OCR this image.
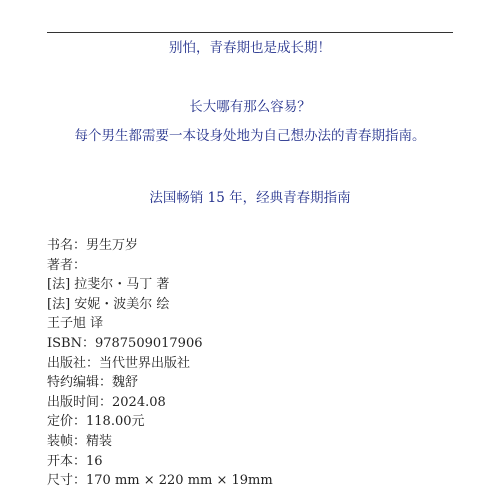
别怕，青春期也是成长期！
长大哪有那么容易？
每个男生都需要一本设身处地为自己想办法的青春期指南。
法国畅销 15 年，经典青春期指南
书名：男生万岁
著者：
[法] 拉斐尔・马丁 著
[法] 安妮・波美尔 绘
王子旭 译
ISBN：9787509017906
出版社：当代世界出版社
特约编辑：魏舒
出版时间：2024.08
定价：118.00元
装帧：精装
开本：16
尺寸：170 mm × 220 mm × 19mm
